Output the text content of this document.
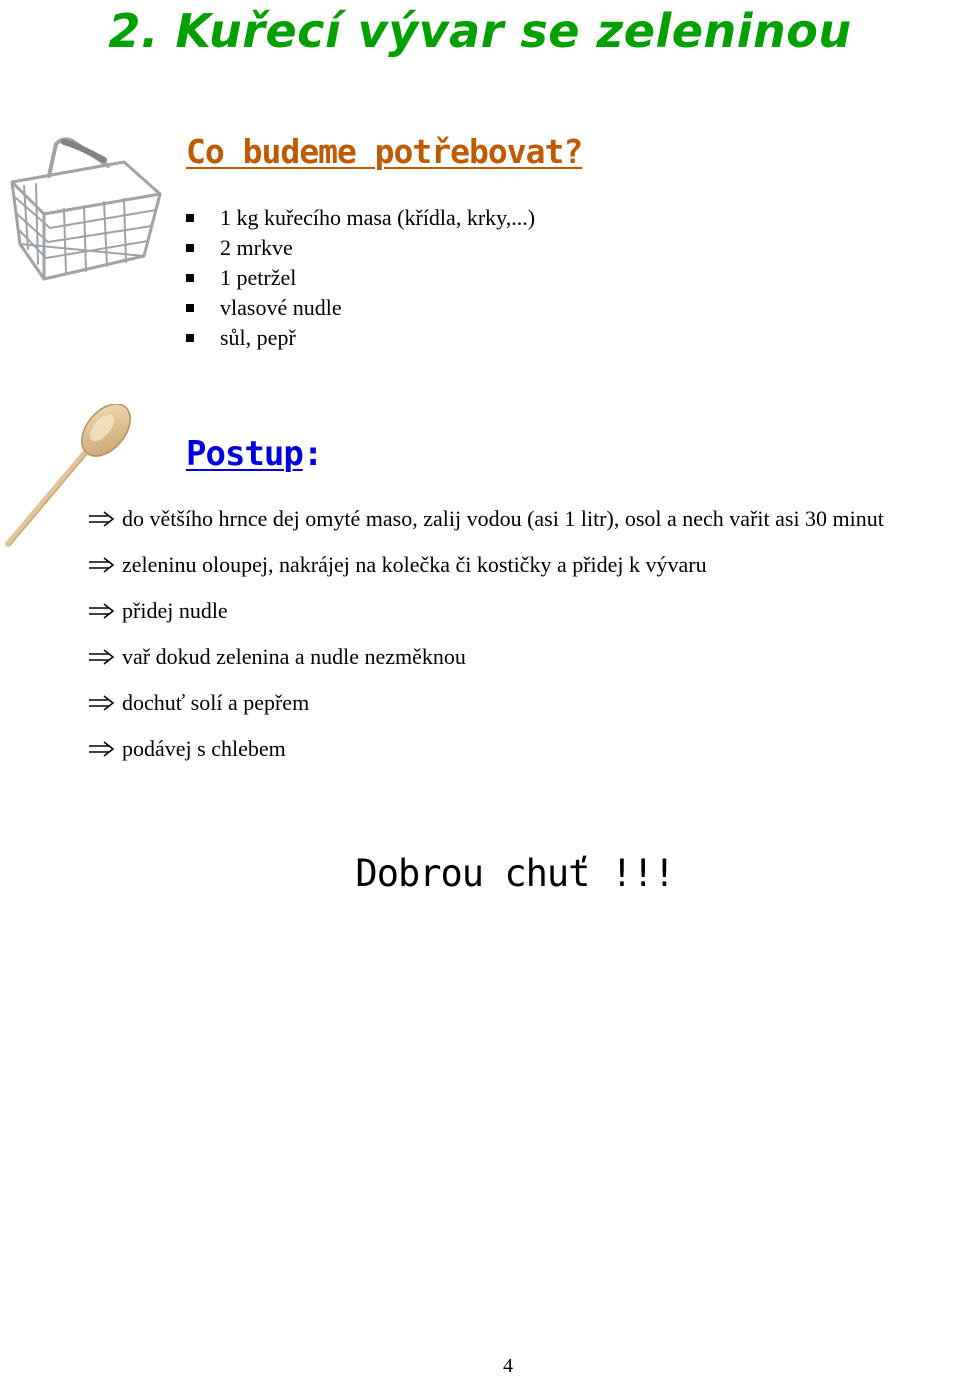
2. Kuřecí vývar se zeleninou
Co budeme potřebovat?
1 kg kuřecího masa (křídla, krky,...)
2 mrkve
1 petržel
vlasové nudle
sůl, pepř
Postup:
do většího hrnce dej omyté maso, zalij vodou (asi 1 litr), osol a nech vařit asi 30 minut
zeleninu oloupej, nakrájej na kolečka či kostičky a přidej k vývaru
přidej nudle
vař dokud zelenina a nudle nezměknou
dochuť solí a pepřem
podávej s chlebem

Dobrou chuť !!!

4
